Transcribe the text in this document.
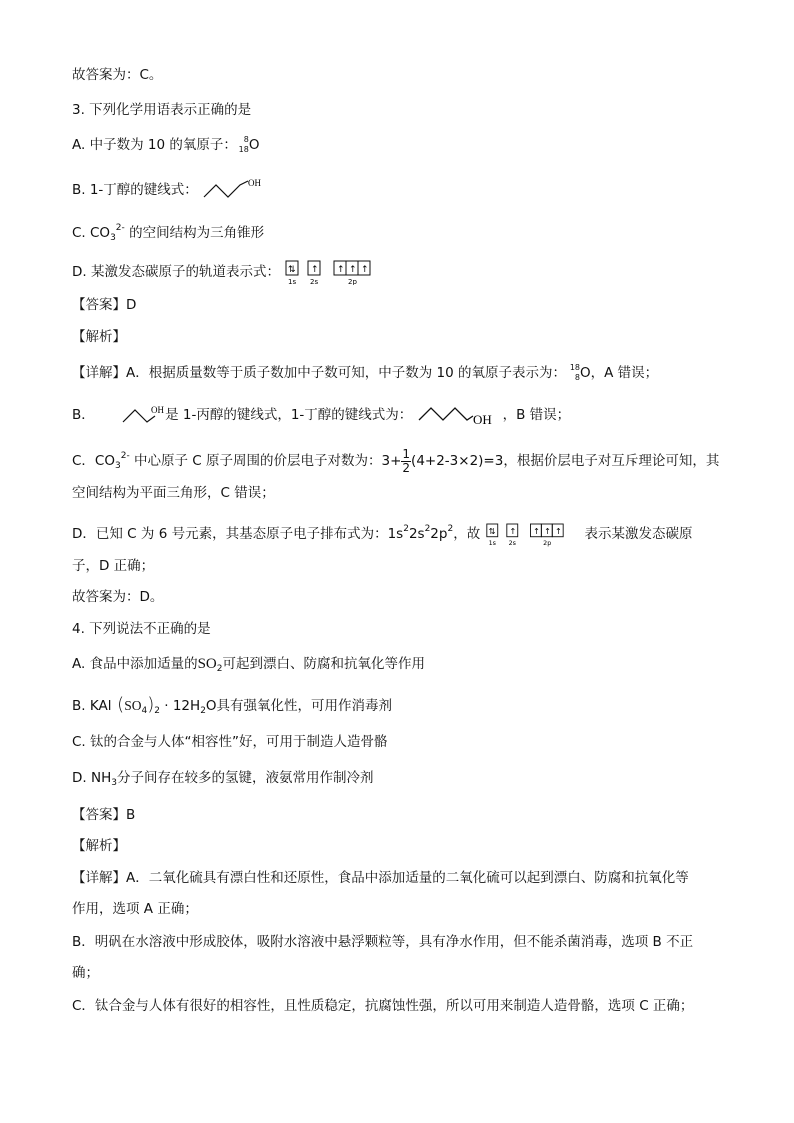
故答案为：C。
3. 下列化学用语表示正确的是
A. 中子数为 10 的氧原子： 8
18 O
B. 1-丁醇的键线式：	OH
C. $CO_3^{2-}$ 的空间结构为三角锥形
D. 某激发态碳原子的轨道表示式： ⇅ ↑ ↑ ↑ ↑
1s 2s	2p
【答案】D
【解析】
【详解】A．根据质量数等于质子数加中子数可知，中子数为 10 的氧原子表示为： 18
8 O，A 错误；
B．	OH 是 1-丙醇的键线式，1-丁醇的键线式为：	OH ，B 错误；
C．$CO_3^{2-}$ 中心原子 C 原子周围的价层电子对数为：$3+ \frac{1}{2} (4+2-3\times 2)=3$，根据价层电子对互斥理论可知，其
空间结构为平面三角形，C 错误；
D．已知 C 为 6 号元素，其基态原子电子排布式为：$1s^22s^22p^2$，故 ⇅ ↑ ↑ ↑ ↑
1s 2s	2p
表示某激发态碳原
子，D 正确；
故答案为：D。
4. 下列说法不正确的是
A. 食品中添加适量的$SO_2$可起到漂白、防腐和抗氧化等作用
B. KAl $(SO_4)_2 \cdot 12H_2O$具有强氧化性，可用作消毒剂
C. 钛的合金与人体“相容性”好，可用于制造人造骨骼
D. $NH_3$分子间存在较多的氢键，液氨常用作制冷剂
【答案】B
【解析】
【详解】A．二氧化硫具有漂白性和还原性，食品中添加适量的二氧化硫可以起到漂白、防腐和抗氧化等
作用，选项 A 正确；
B．明矾在水溶液中形成胶体，吸附水溶液中悬浮颗粒等，具有净水作用，但不能杀菌消毒，选项 B 不正
确；
C．钛合金与人体有很好的相容性，且性质稳定，抗腐蚀性强，所以可用来制造人造骨骼，选项 C 正确；
